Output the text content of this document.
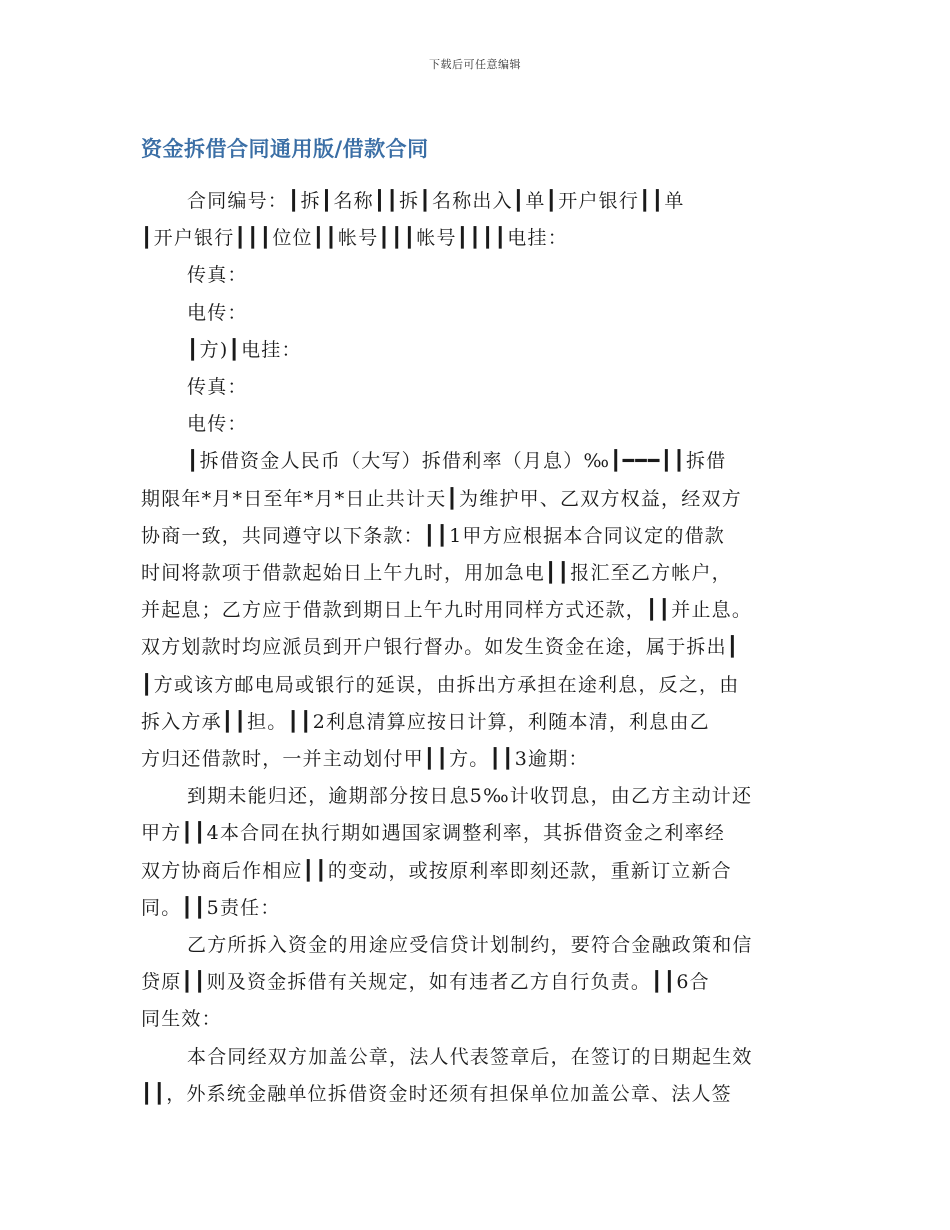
下载后可任意编辑
资金拆借合同通用版/借款合同

合同编号：┃拆┃名称┃┃拆┃名称出入┃单┃开户银行┃┃单

┃开户银行┃┃┃位位┃┃帐号┃┃┃帐号┃┃┃┃电挂：

传真：

电传：

┃方)┃电挂：

传真：

电传：

┃拆借资金人民币（大写）拆借利率（月息）‰┃━━━┃┃拆借

期限年*月*日至年*月*日止共计天┃为维护甲、乙双方权益，经双方

协商一致，共同遵守以下条款：┃┃1甲方应根据本合同议定的借款

时间将款项于借款起始日上午九时，用加急电┃┃报汇至乙方帐户，

并起息；乙方应于借款到期日上午九时用同样方式还款，┃┃并止息。

双方划款时均应派员到开户银行督办。如发生资金在途，属于拆出┃

┃方或该方邮电局或银行的延误，由拆出方承担在途利息，反之，由

拆入方承┃┃担。┃┃2利息清算应按日计算，利随本清，利息由乙

方归还借款时，一并主动划付甲┃┃方。┃┃3逾期：

到期未能归还，逾期部分按日息5‰计收罚息，由乙方主动计还

甲方┃┃4本合同在执行期如遇国家调整利率，其拆借资金之利率经

双方协商后作相应┃┃的变动，或按原利率即刻还款，重新订立新合

同。┃┃5责任：

乙方所拆入资金的用途应受信贷计划制约，要符合金融政策和信

贷原┃┃则及资金拆借有关规定，如有违者乙方自行负责。┃┃6合

同生效：

本合同经双方加盖公章，法人代表签章后，在签订的日期起生效

┃┃，外系统金融单位拆借资金时还须有担保单位加盖公章、法人签
